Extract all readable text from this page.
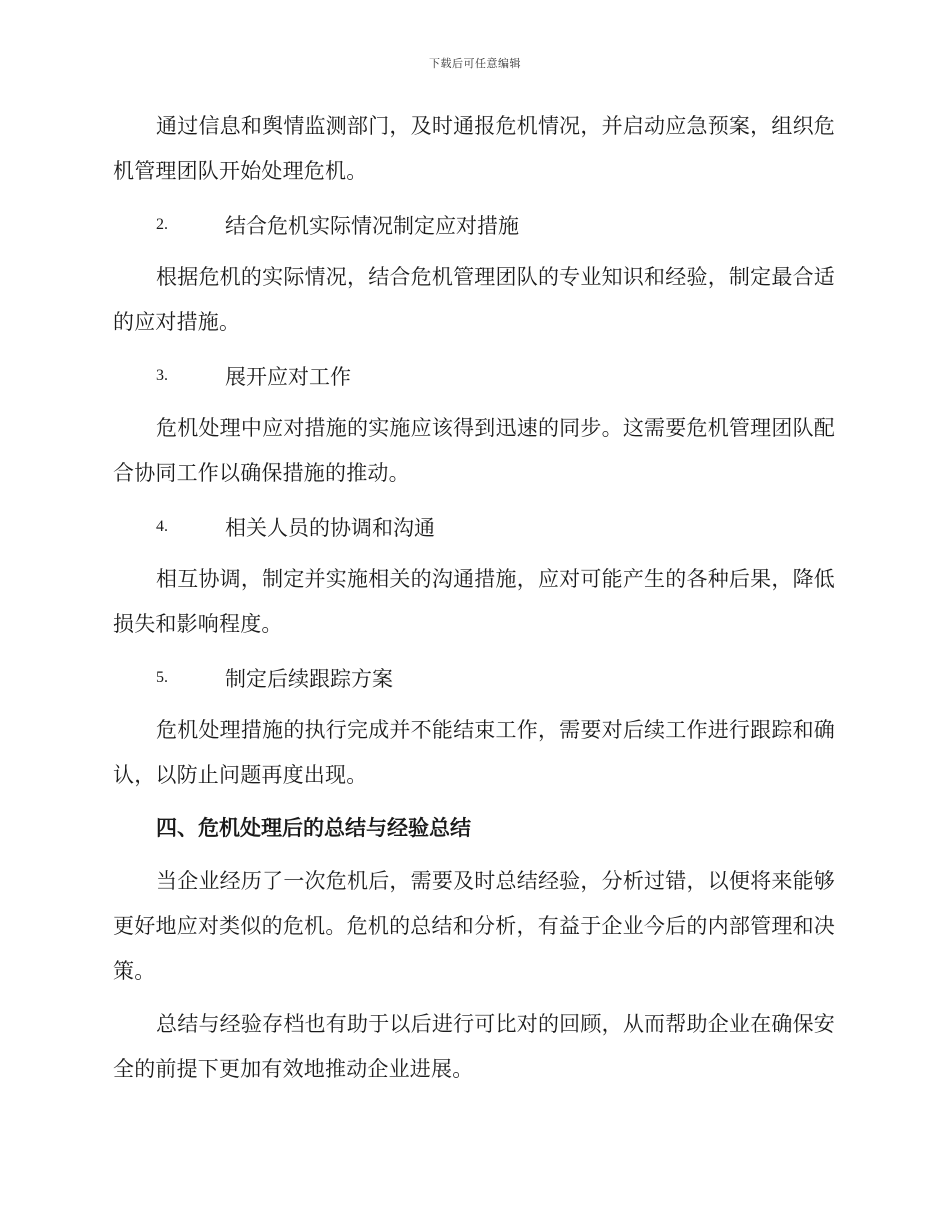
下载后可任意编辑

通过信息和舆情监测部门，及时通报危机情况，并启动应急预案，组织危机管理团队开始处理危机。

2.	结合危机实际情况制定应对措施

根据危机的实际情况，结合危机管理团队的专业知识和经验，制定最合适的应对措施。

3.	展开应对工作

危机处理中应对措施的实施应该得到迅速的同步。这需要危机管理团队配合协同工作以确保措施的推动。

4.	相关人员的协调和沟通

相互协调，制定并实施相关的沟通措施，应对可能产生的各种后果，降低损失和影响程度。

5.	制定后续跟踪方案

危机处理措施的执行完成并不能结束工作，需要对后续工作进行跟踪和确认，以防止问题再度出现。

四、危机处理后的总结与经验总结

当企业经历了一次危机后，需要及时总结经验，分析过错，以便将来能够更好地应对类似的危机。危机的总结和分析，有益于企业今后的内部管理和决策。

总结与经验存档也有助于以后进行可比对的回顾，从而帮助企业在确保安全的前提下更加有效地推动企业进展。
